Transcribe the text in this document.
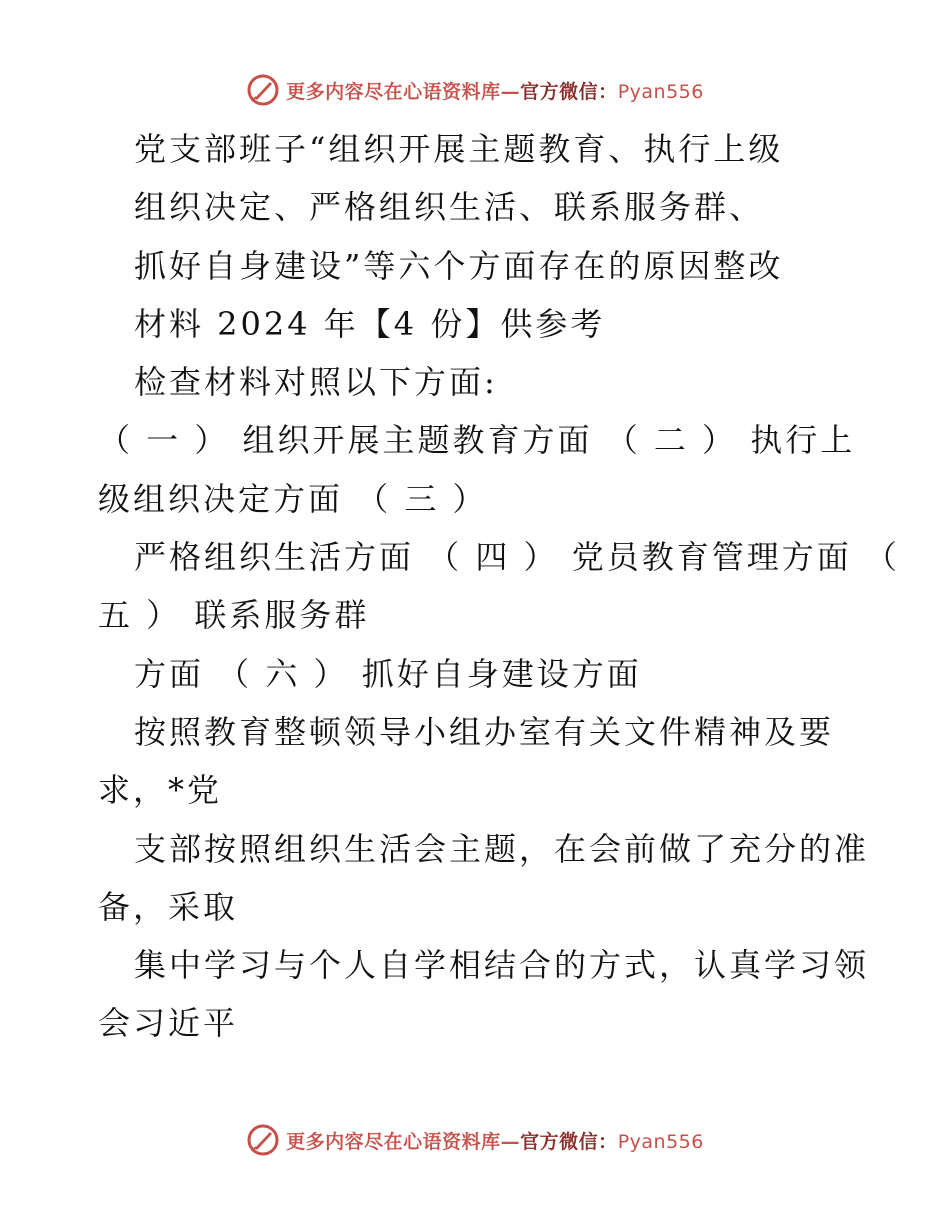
更多内容尽在心语资料库—官方微信：Pyan556
党支部班子“组织开展主题教育、执行上级
组织决定、严格组织生活、联系服务群、
抓好自身建设”等六个方面存在的原因整改
材料 2024 年【4 份】供参考
检查材料对照以下方面:
（ 一 ） 组织开展主题教育方面 （ 二 ） 执行上
级组织决定方面 （ 三 ）
严格组织生活方面 （ 四 ） 党员教育管理方面 （
五 ） 联系服务群
方面 （ 六 ） 抓好自身建设方面
按照教育整顿领导小组办室有关文件精神及要
求，*党
支部按照组织生活会主题，在会前做了充分的准
备，采取
集中学习与个人自学相结合的方式，认真学习领
会习近平
更多内容尽在心语资料库—官方微信：Pyan556
